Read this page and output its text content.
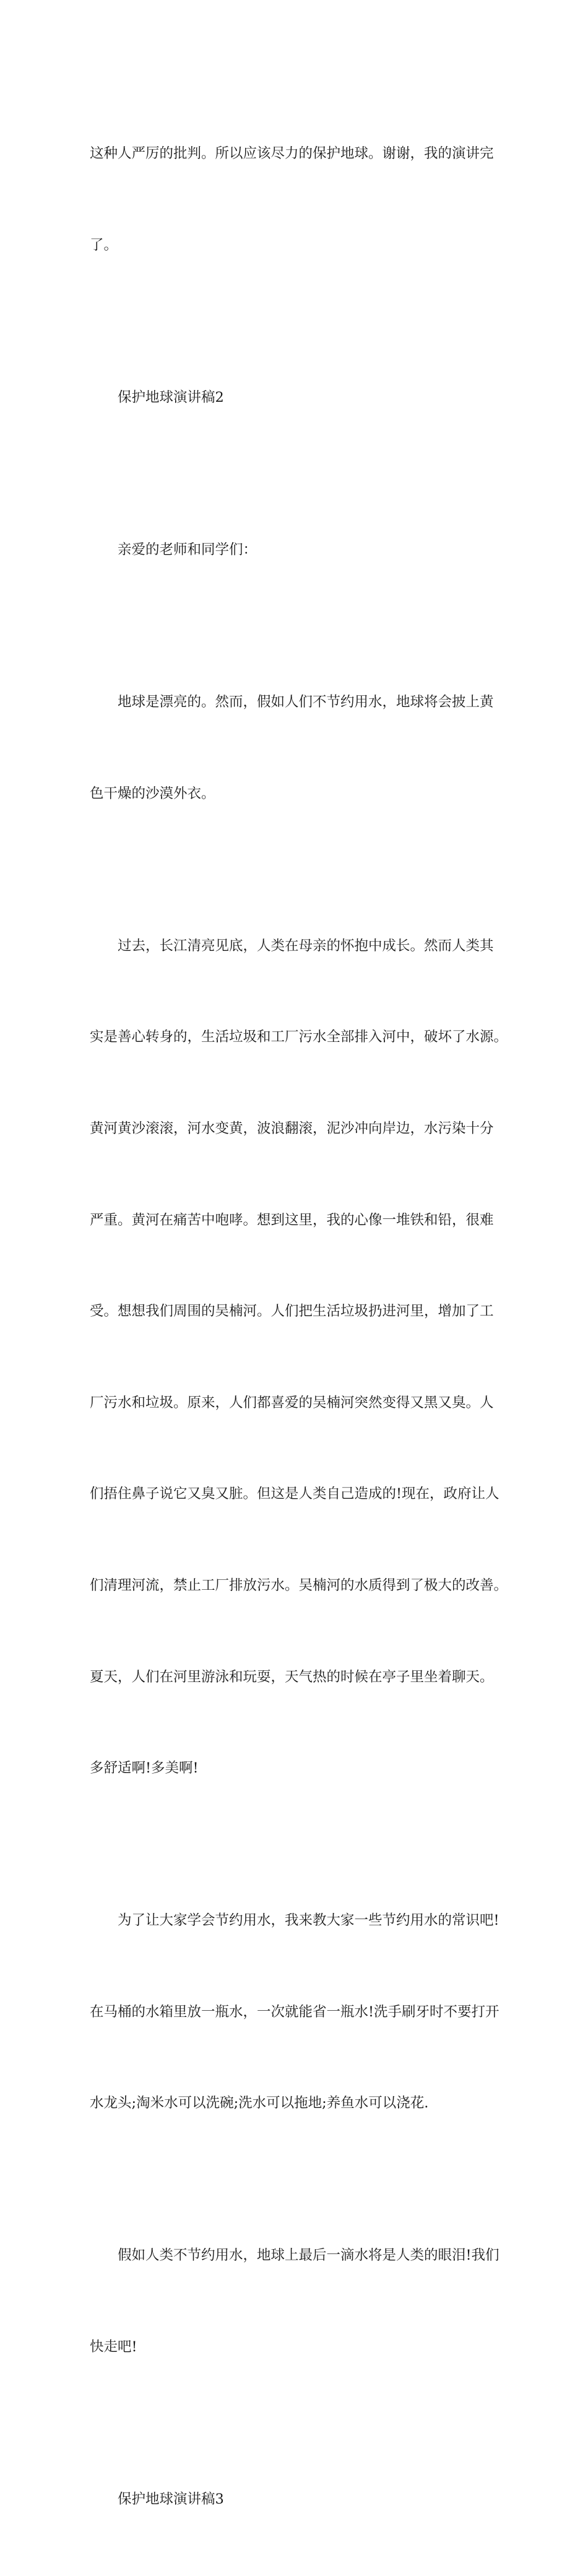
这种人严厉的批判。所以应该尽力的保护地球。谢谢，我的演讲完

了。

保护地球演讲稿2

亲爱的老师和同学们：

地球是漂亮的。然而，假如人们不节约用水，地球将会披上黄

色干燥的沙漠外衣。

过去，长江清亮见底，人类在母亲的怀抱中成长。然而人类其

实是善心转身的，生活垃圾和工厂污水全部排入河中，破坏了水源。

黄河黄沙滚滚，河水变黄，波浪翻滚，泥沙冲向岸边，水污染十分

严重。黄河在痛苦中咆哮。想到这里，我的心像一堆铁和铅，很难

受。想想我们周围的吴楠河。人们把生活垃圾扔进河里，增加了工

厂污水和垃圾。原来，人们都喜爱的吴楠河突然变得又黑又臭。人

们捂住鼻子说它又臭又脏。但这是人类自己造成的!现在，政府让人

们清理河流，禁止工厂排放污水。吴楠河的水质得到了极大的改善。

夏天，人们在河里游泳和玩耍，天气热的时候在亭子里坐着聊天。

多舒适啊!多美啊!

为了让大家学会节约用水，我来教大家一些节约用水的常识吧!

在马桶的水箱里放一瓶水，一次就能省一瓶水!洗手刷牙时不要打开

水龙头;淘米水可以洗碗;洗水可以拖地;养鱼水可以浇花.

假如人类不节约用水，地球上最后一滴水将是人类的眼泪!我们

快走吧!

保护地球演讲稿3
